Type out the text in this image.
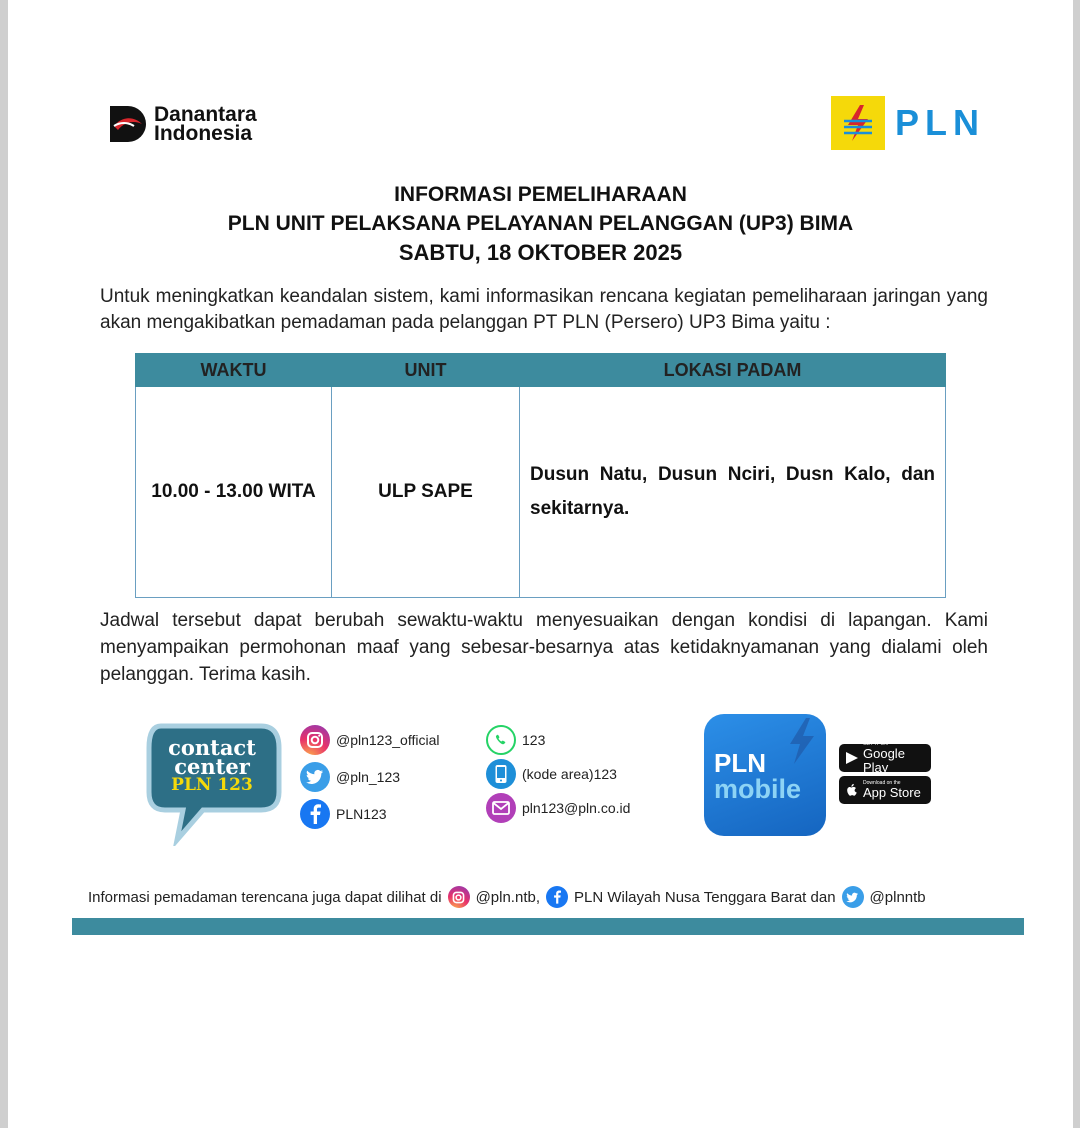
Danantara
Indonesia	PLN
INFORMASI PEMELIHARAAN
PLN UNIT PELAKSANA PELAYANAN PELANGGAN (UP3) BIMA
SABTU, 18 OKTOBER 2025
Untuk meningkatkan keandalan sistem, kami informasikan rencana kegiatan pemeliharaan jaringan yang akan mengakibatkan pemadaman pada pelanggan PT PLN (Persero) UP3 Bima yaitu :
WAKTU	UNIT	LOKASI PADAM
10.00 - 13.00 WITA	ULP SAPE	Dusun Natu, Dusun Nciri, Dusn Kalo, dan sekitarnya.
Jadwal tersebut dapat berubah sewaktu-waktu menyesuaikan dengan kondisi di lapangan. Kami menyampaikan permohonan maaf yang sebesar-besarnya atas ketidaknyamanan yang dialami oleh pelanggan. Terima kasih.
contact
center
PLN 123
@pln123_official
@pln_123
PLN123
123
(kode area)123
pln123@pln.co.id
PLN
mobile
GET IT ON
Google Play
Download on the
App Store
Informasi pemadaman terencana juga dapat dilihat di @pln.ntb, PLN Wilayah Nusa Tenggara Barat dan @plnntb
